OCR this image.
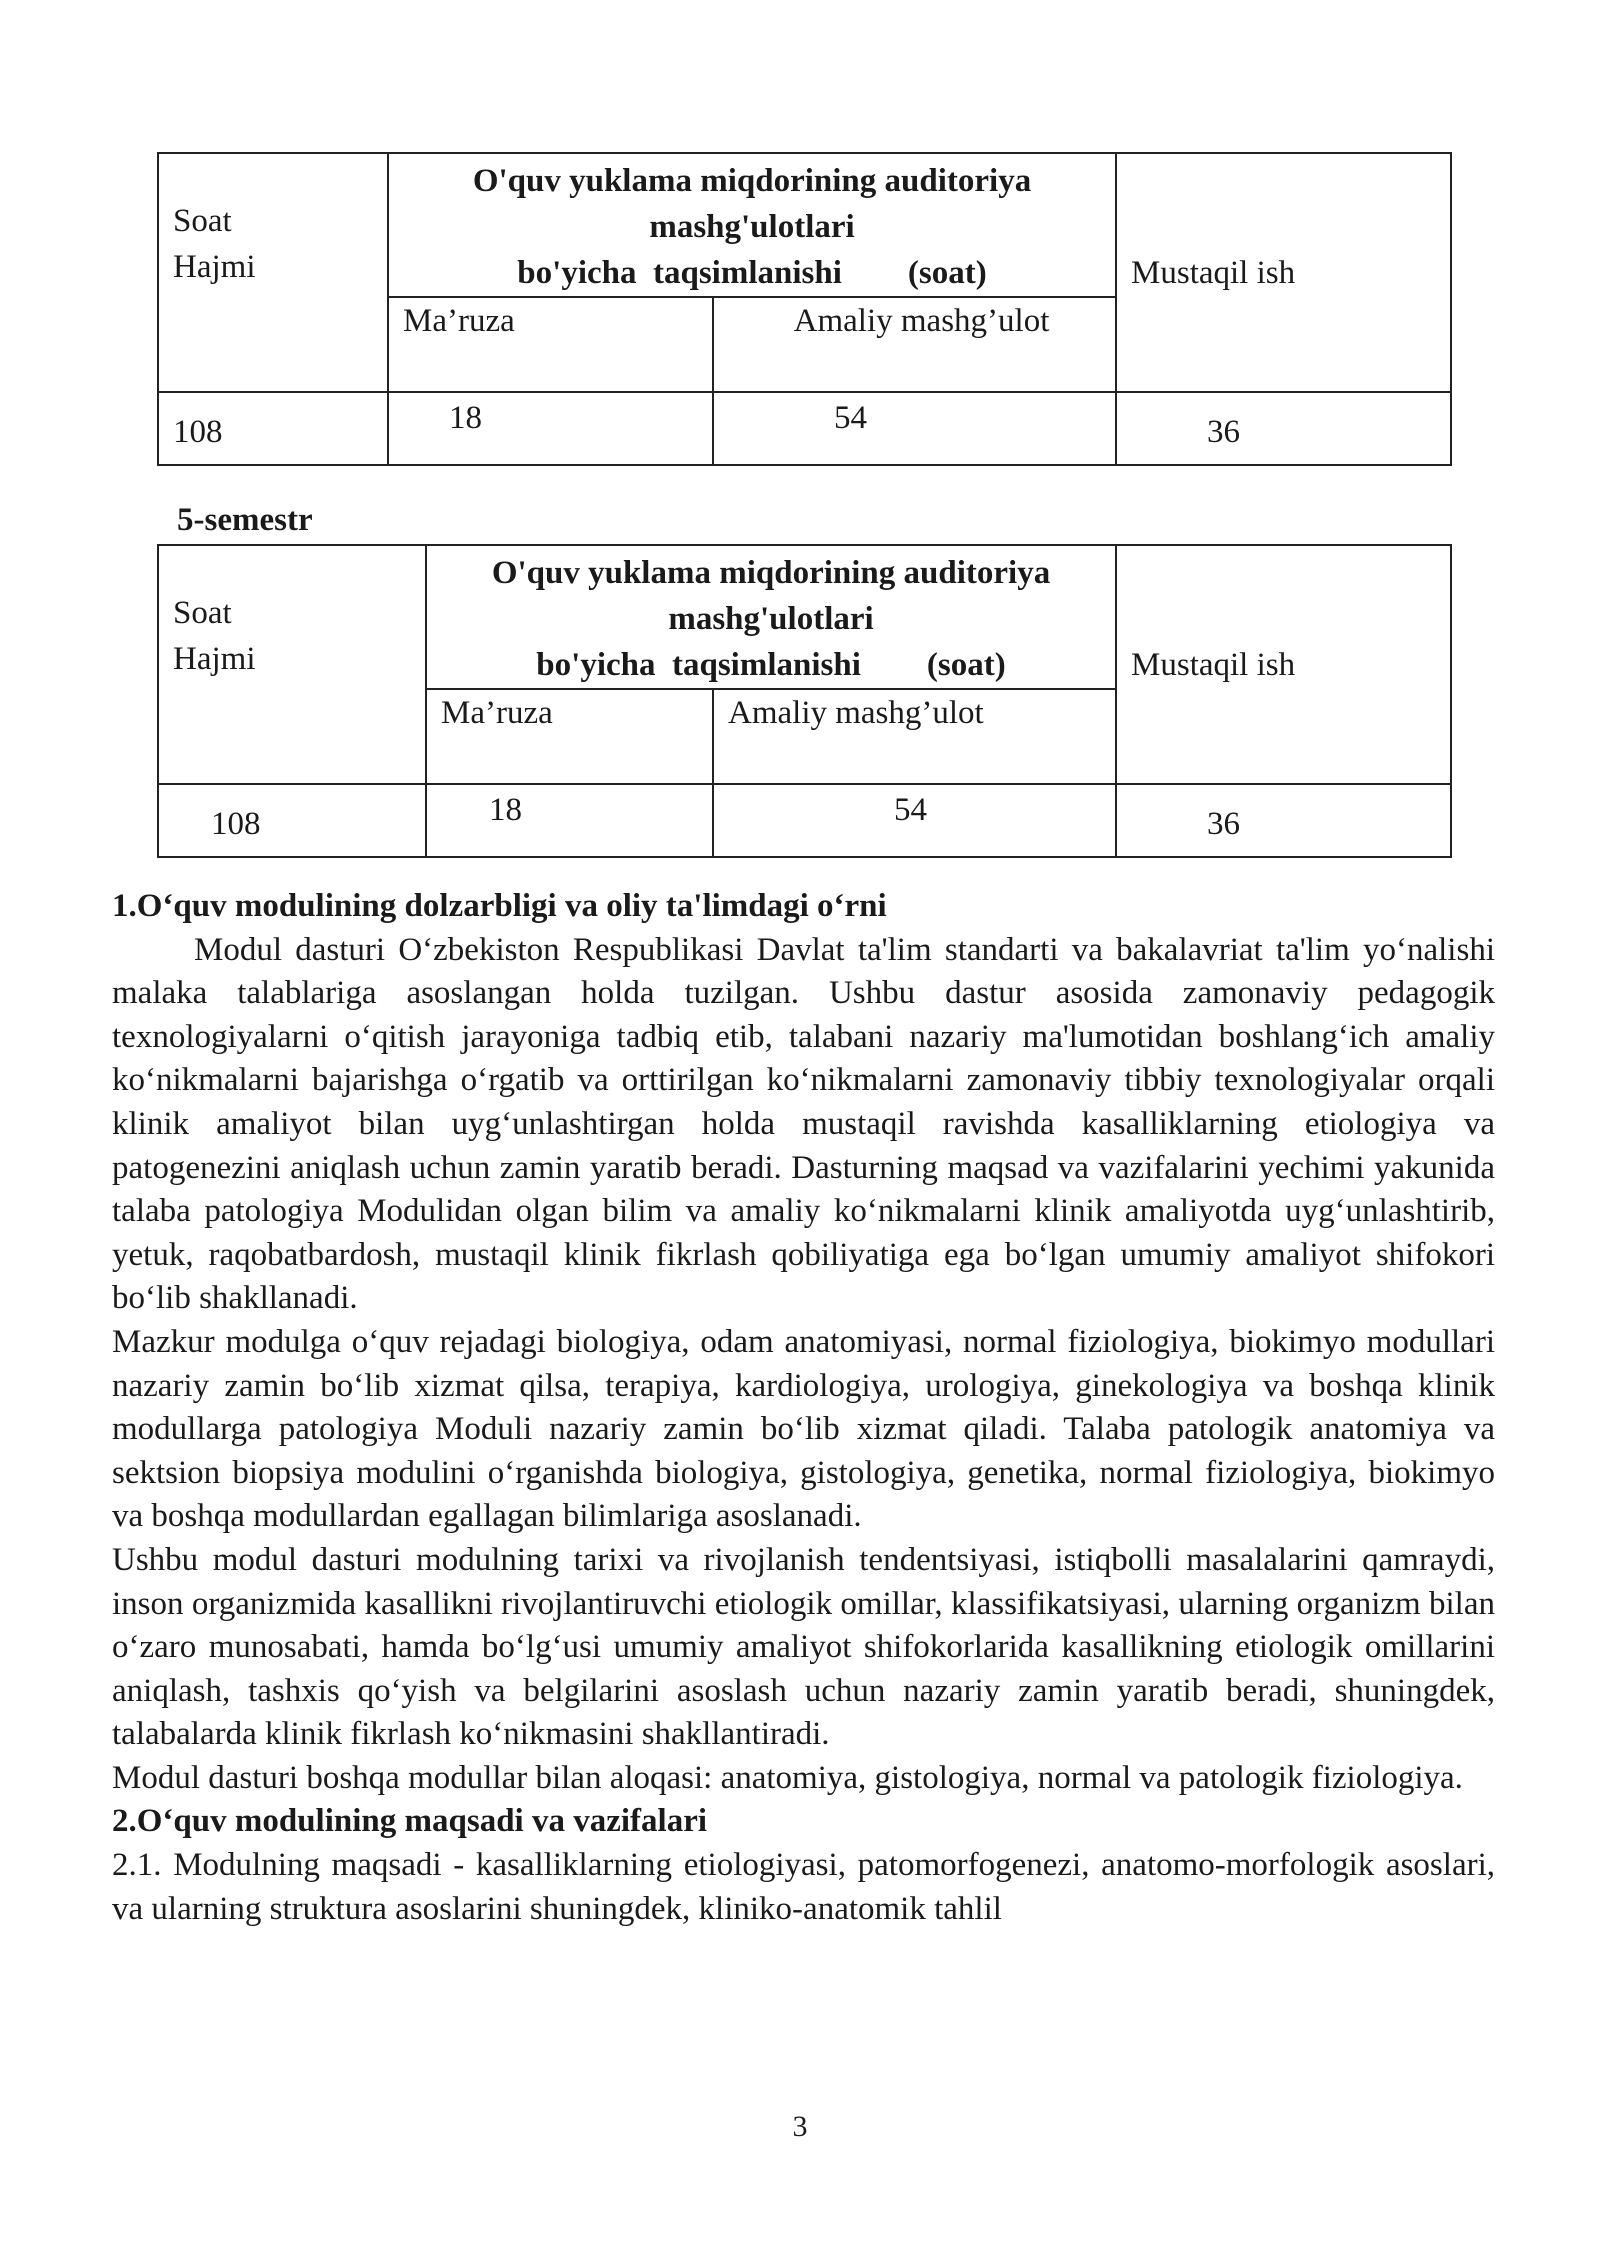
Soat
Hajmi	O'quv yuklama miqdorining auditoriya
mashg'ulotlari
bo'yicha  taqsimlanishi        (soat)		Mustaqil ish
	Ma’ruza	Amaliy mashg’ulot	

108	18	54	36
5-semestr
Soat
Hajmi	O'quv yuklama miqdorining auditoriya
mashg'ulotlari
bo'yicha  taqsimlanishi        (soat)		Mustaqil ish
	Ma’ruza	Amaliy mashg’ulot	

108	18	54	36
1.O‘quv modulining dolzarbligi va oliy ta'limdagi o‘rni

Modul dasturi O‘zbekiston Respublikasi Davlat ta'lim standarti va bakalavriat ta'lim yo‘nalishi malaka talablariga asoslangan holda tuzilgan. Ushbu dastur asosida zamonaviy pedagogik texnologiyalarni o‘qitish jarayoniga tadbiq etib, talabani nazariy ma'lumotidan boshlang‘ich amaliy ko‘nikmalarni bajarishga o‘rgatib va orttirilgan ko‘nikmalarni zamonaviy tibbiy texnologiyalar orqali klinik amaliyot bilan uyg‘unlashtirgan holda mustaqil ravishda kasalliklarning etiologiya va patogenezini aniqlash uchun zamin yaratib beradi. Dasturning maqsad va vazifalarini yechimi yakunida talaba patologiya Modulidan olgan bilim va amaliy ko‘nikmalarni klinik amaliyotda uyg‘unlashtirib, yetuk, raqobatbardosh, mustaqil klinik fikrlash qobiliyatiga ega bo‘lgan umumiy amaliyot shifokori bo‘lib shakllanadi.

Mazkur modulga o‘quv rejadagi biologiya, odam anatomiyasi, normal fiziologiya, biokimyo modullari nazariy zamin bo‘lib xizmat qilsa, terapiya, kardiologiya, urologiya, ginekologiya va boshqa klinik modullarga patologiya Moduli nazariy zamin bo‘lib xizmat qiladi. Talaba patologik anatomiya va sektsion biopsiya modulini o‘rganishda biologiya, gistologiya, genetika, normal fiziologiya, biokimyo va boshqa modullardan egallagan bilimlariga asoslanadi.

Ushbu modul dasturi modulning tarixi va rivojlanish tendentsiyasi, istiqbolli masalalarini qamraydi, inson organizmida kasallikni rivojlantiruvchi etiologik omillar, klassifikatsiyasi, ularning organizm bilan o‘zaro munosabati, hamda bo‘lg‘usi umumiy amaliyot shifokorlarida kasallikning etiologik omillarini aniqlash, tashxis qo‘yish va belgilarini asoslash uchun nazariy zamin yaratib beradi, shuningdek, talabalarda klinik fikrlash ko‘nikmasini shakllantiradi.

Modul dasturi boshqa modullar bilan aloqasi: anatomiya, gistologiya, normal va patologik fiziologiya.

2.O‘quv modulining maqsadi va vazifalari

2.1. Modulning maqsadi - kasalliklarning etiologiyasi, patomorfogenezi, anatomo-morfologik asoslari, va ularning struktura asoslarini shuningdek, kliniko-anatomik tahlil

3
